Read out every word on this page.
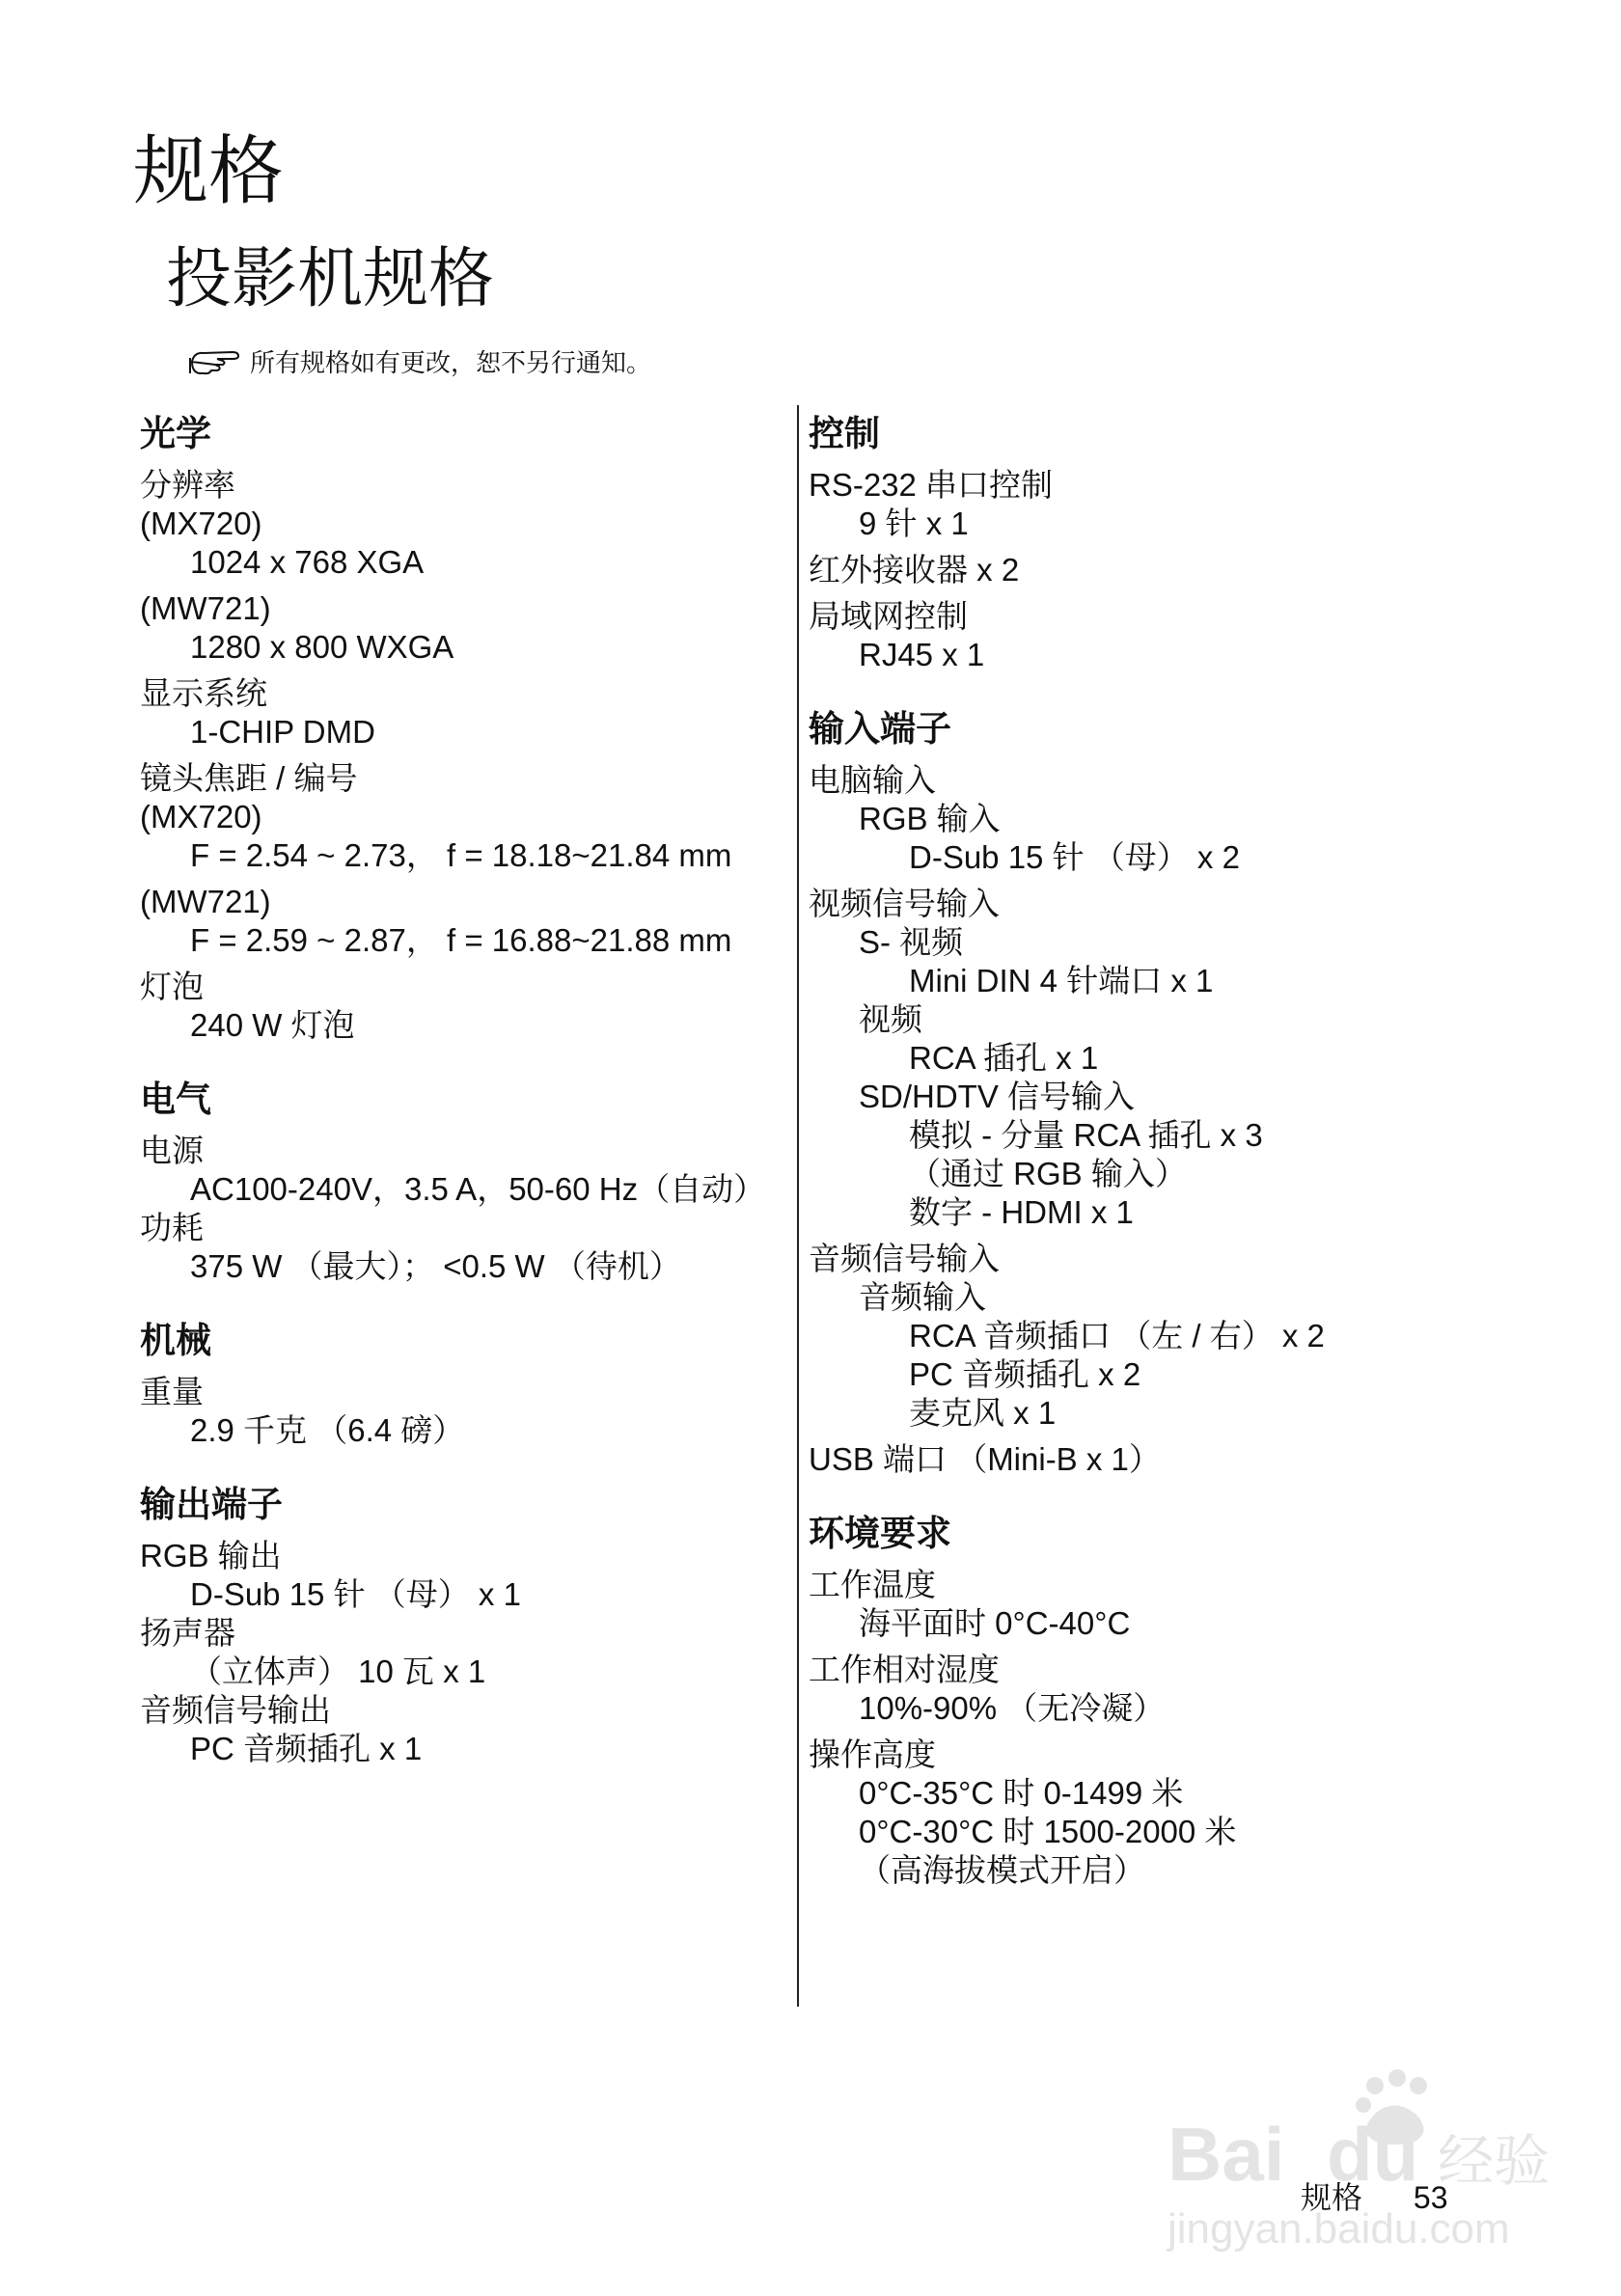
规格
投影机规格
所有规格如有更改，恕不另行通知。
光学
分辨率
(MX720)
1024 x 768 XGA
(MW721)
1280 x 800 WXGA
显示系统
1-CHIP DMD
镜头焦距 / 编号
(MX720)
F = 2.54 ~ 2.73， f = 18.18~21.84 mm
(MW721)
F = 2.59 ~ 2.87， f = 16.88~21.88 mm
灯泡
240 W 灯泡
电气
电源
AC100-240V，3.5 A，50-60 Hz（自动）
功耗
375 W （最大）； <0.5 W （待机）
机械
重量
2.9 千克 （6.4 磅）
输出端子
RGB 输出
D-Sub 15 针 （母） x 1
扬声器
（立体声） 10 瓦 x 1
音频信号输出
PC 音频插孔 x 1
控制
RS-232 串口控制
9 针 x 1
红外接收器 x 2
局域网控制
RJ45 x 1
输入端子
电脑输入
RGB 输入
D-Sub 15 针 （母） x 2
视频信号输入
S- 视频
Mini DIN 4 针端口 x 1
视频
RCA 插孔 x 1
SD/HDTV 信号输入
模拟 - 分量 RCA 插孔 x 3
（通过 RGB 输入）
数字 - HDMI x 1
音频信号输入
音频输入
RCA 音频插口 （左 / 右） x 2
PC 音频插孔 x 2
麦克风 x 1
USB 端口 （Mini-B x 1）
环境要求
工作温度
海平面时 0°C-40°C
工作相对湿度
10%-90% （无冷凝）
操作高度
0°C-35°C 时 0-1499 米
0°C-30°C 时 1500-2000 米
（高海拔模式开启）
规格 53
Bai du 经验
jingyan.baidu.com
